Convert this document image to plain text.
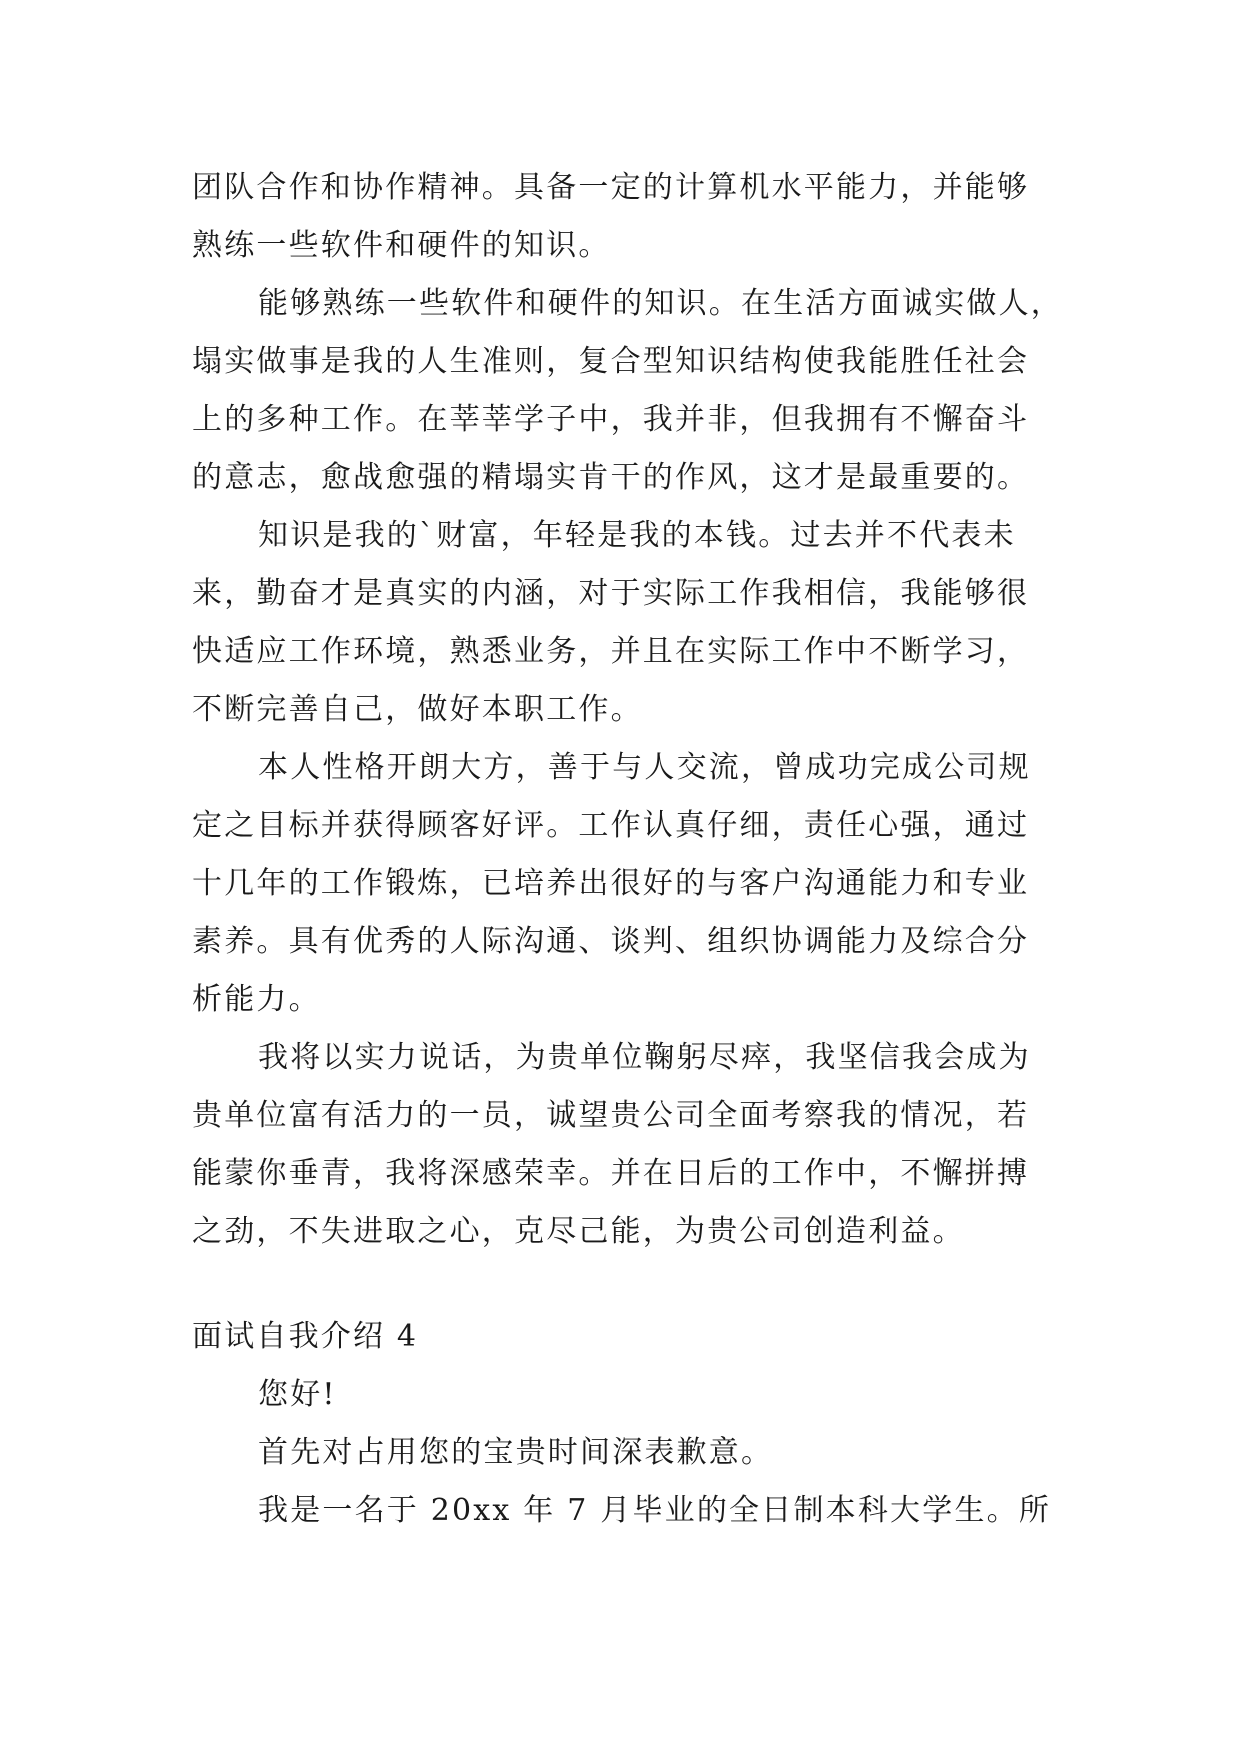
团队合作和协作精神。具备一定的计算机水平能力，并能够
熟练一些软件和硬件的知识。
能够熟练一些软件和硬件的知识。在生活方面诚实做人，
塌实做事是我的人生准则，复合型知识结构使我能胜任社会
上的多种工作。在莘莘学子中，我并非，但我拥有不懈奋斗
的意志，愈战愈强的精塌实肯干的作风，这才是最重要的。
知识是我的`财富，年轻是我的本钱。过去并不代表未
来，勤奋才是真实的内涵，对于实际工作我相信，我能够很
快适应工作环境，熟悉业务，并且在实际工作中不断学习，
不断完善自己，做好本职工作。
本人性格开朗大方，善于与人交流，曾成功完成公司规
定之目标并获得顾客好评。工作认真仔细，责任心强，通过
十几年的工作锻炼，已培养出很好的与客户沟通能力和专业
素养。具有优秀的人际沟通、谈判、组织协调能力及综合分
析能力。
我将以实力说话，为贵单位鞠躬尽瘁，我坚信我会成为
贵单位富有活力的一员，诚望贵公司全面考察我的情况，若
能蒙你垂青，我将深感荣幸。并在日后的工作中，不懈拼搏
之劲，不失进取之心，克尽己能，为贵公司创造利益。
面试自我介绍 4
您好!
首先对占用您的宝贵时间深表歉意。
我是一名于 20xx 年 7 月毕业的全日制本科大学生。所
